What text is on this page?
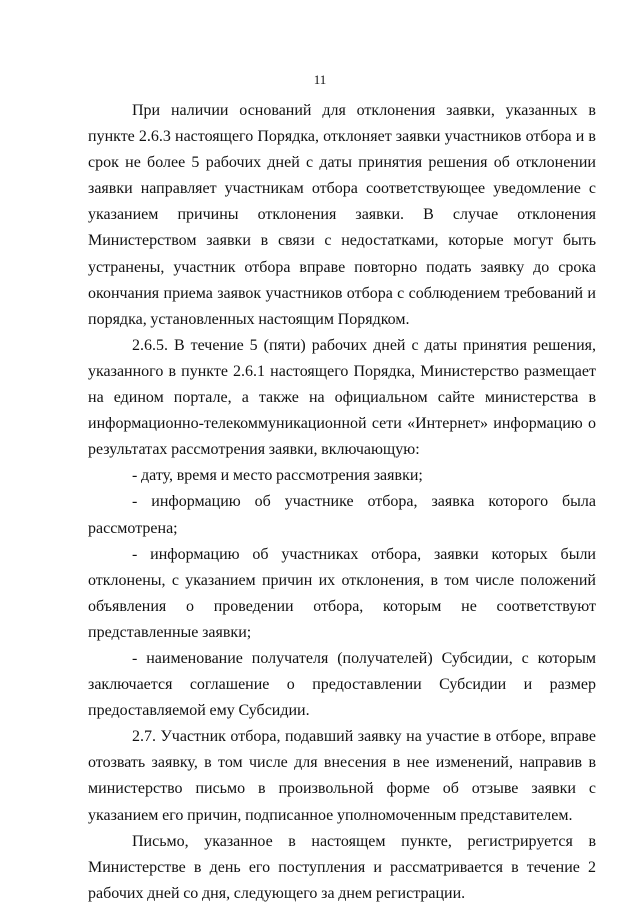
11

При наличии оснований для отклонения заявки, указанных в пункте 2.6.3 настоящего Порядка, отклоняет заявки участников отбора и в срок не более 5 рабочих дней с даты принятия решения об отклонении заявки направляет участникам отбора соответствующее уведомление с указанием причины отклонения заявки. В случае отклонения Министерством заявки в связи с недостатками, которые могут быть устранены, участник отбора вправе повторно подать заявку до срока окончания приема заявок участников отбора с соблюдением требований и порядка, установленных настоящим Порядком.

2.6.5. В течение 5 (пяти) рабочих дней с даты принятия решения, указанного в пункте 2.6.1 настоящего Порядка, Министерство размещает на едином портале, а также на официальном сайте министерства в информационно-телекоммуникационной сети «Интернет» информацию о результатах рассмотрения заявки, включающую:

- дату, время и место рассмотрения заявки;

- информацию об участнике отбора, заявка которого была рассмотрена;

- информацию об участниках отбора, заявки которых были отклонены, с указанием причин их отклонения, в том числе положений объявления о проведении отбора, которым не соответствуют представленные заявки;

- наименование получателя (получателей) Субсидии, с которым заключается соглашение о предоставлении Субсидии и размер предоставляемой ему Субсидии.

2.7. Участник отбора, подавший заявку на участие в отборе, вправе отозвать заявку, в том числе для внесения в нее изменений, направив в министерство письмо в произвольной форме об отзыве заявки с указанием его причин, подписанное уполномоченным представителем.

Письмо, указанное в настоящем пункте, регистрируется в Министерстве в день его поступления и рассматривается в течение 2 рабочих дней со дня, следующего за днем регистрации.
